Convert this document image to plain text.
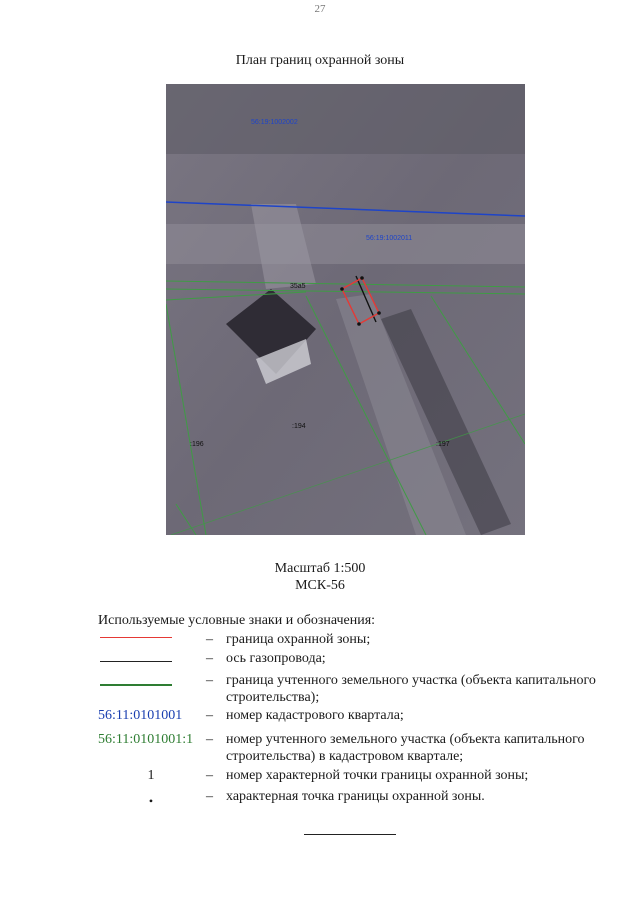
27
План границ охранной зоны
56:19:1002002
56:19:1002011
35а5
:196
:194
:197
Масштаб 1:500
МСК-56
Используемые условные знаки и обозначения:
– граница охранной зоны;
– ось газопровода;
– граница учтенного земельного участка (объекта капитального строительства);
56:11:0101001	– номер кадастрового квартала;
56:11:0101001:1 – номер учтенного земельного участка (объекта капитального строительства) в кадастровом квартале;
1	– номер характерной точки границы охранной зоны;
•	– характерная точка границы охранной зоны.
